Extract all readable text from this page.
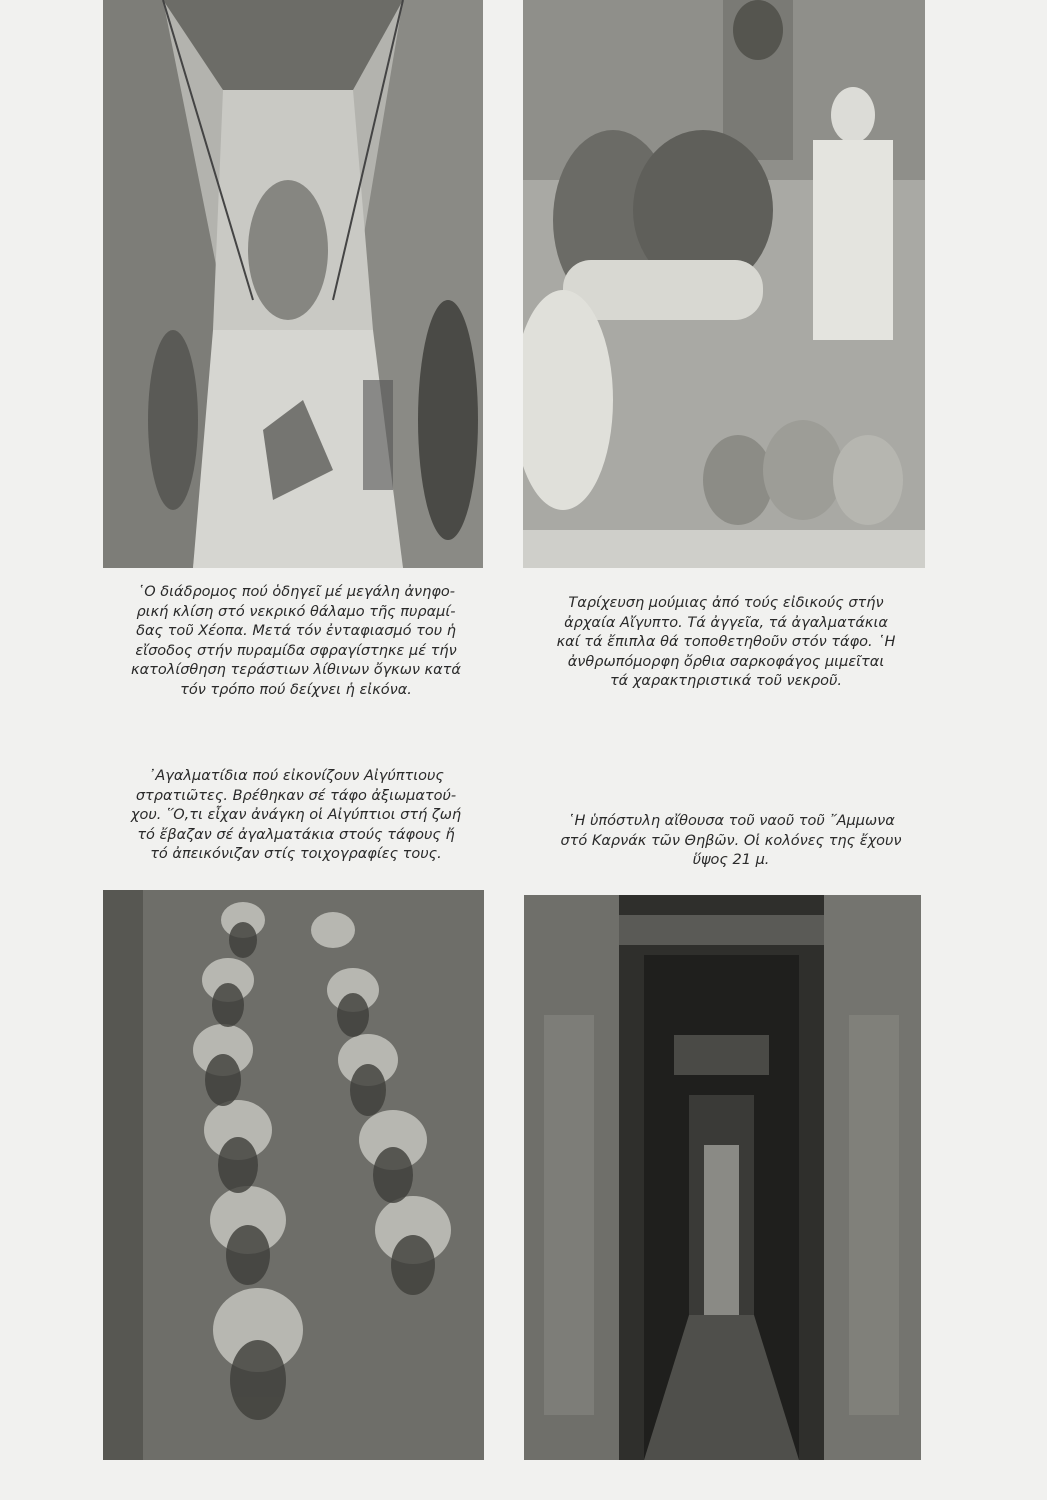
῾Ο διάδρομος πού ὁδηγεῖ μέ μεγάλη ἀνηφο-
ρική κλίση στό νεκρικό θάλαμο τῆς πυραμί-
δας τοῦ Χέοπα. Μετά τόν ἐνταφιασμό του ἡ
εἴσοδος στήν πυραμίδα σφραγίστηκε μέ τήν
κατολίσθηση τεράστιων λίθινων ὄγκων κατά
τόν τρόπο πού δείχνει ἡ εἰκόνα.

Ταρίχευση μούμιας ἀπό τούς εἰδικούς στήν
ἀρχαία Αἴγυπτο. Τά ἀγγεῖα, τά ἀγαλματάκια
καί τά ἔπιπλα θά τοποθετηθοῦν στόν τάφο. ῾Η
ἀνθρωπόμορφη ὄρθια σαρκοφάγος μιμεῖται
τά χαρακτηριστικά τοῦ νεκροῦ.

᾿Αγαλματίδια πού εἰκονίζουν Αἰγύπτιους
στρατιῶτες. Βρέθηκαν σέ τάφο ἀξιωματού-
χου. ῞Ο,τι εἶχαν ἀνάγκη οἱ Αἰγύπτιοι στή ζωή
τό ἔβαζαν σέ ἀγαλματάκια στούς τάφους ἤ
τό ἀπεικόνιζαν στίς τοιχογραφίες τους.

῾Η ὑπόστυλη αἴθουσα τοῦ ναοῦ τοῦ ῎Αμμωνα
στό Καρνάκ τῶν Θηβῶν. Οἱ κολόνες της ἔχουν
ὕψος 21 μ.
